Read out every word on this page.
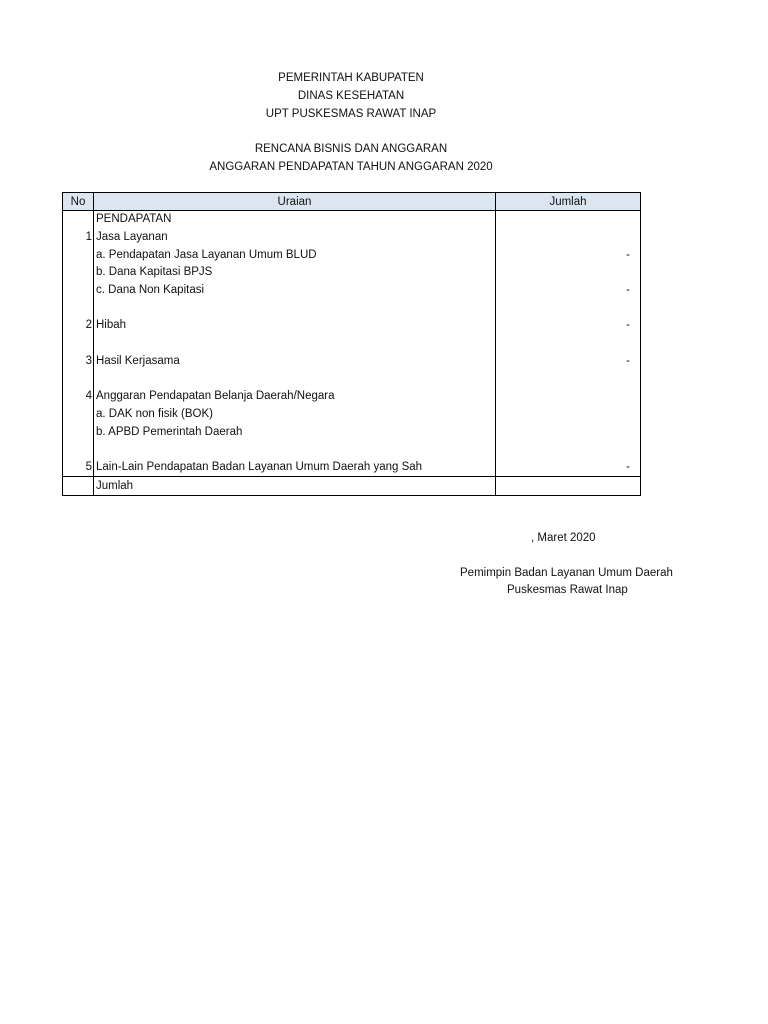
PEMERINTAH KABUPATEN
DINAS KESEHATAN
UPT PUSKESMAS RAWAT INAP
RENCANA BISNIS DAN ANGGARAN
ANGGARAN PENDAPATAN TAHUN ANGGARAN 2020
No	Uraian	Jumlah
	PENDAPATAN	
1	Jasa Layanan	
	a. Pendapatan Jasa Layanan Umum BLUD	-
	b. Dana Kapitasi BPJS	
	c. Dana Non Kapitasi	-

2	Hibah	-

3	Hasil Kerjasama	-

4	Anggaran Pendapatan Belanja Daerah/Negara	
	a. DAK non fisik (BOK)	
	b. APBD Pemerintah Daerah	

5	Lain-Lain Pendapatan Badan Layanan Umum Daerah yang Sah	-
	Jumlah	
, Maret 2020
Pemimpin Badan Layanan Umum Daerah
Puskesmas Rawat Inap
